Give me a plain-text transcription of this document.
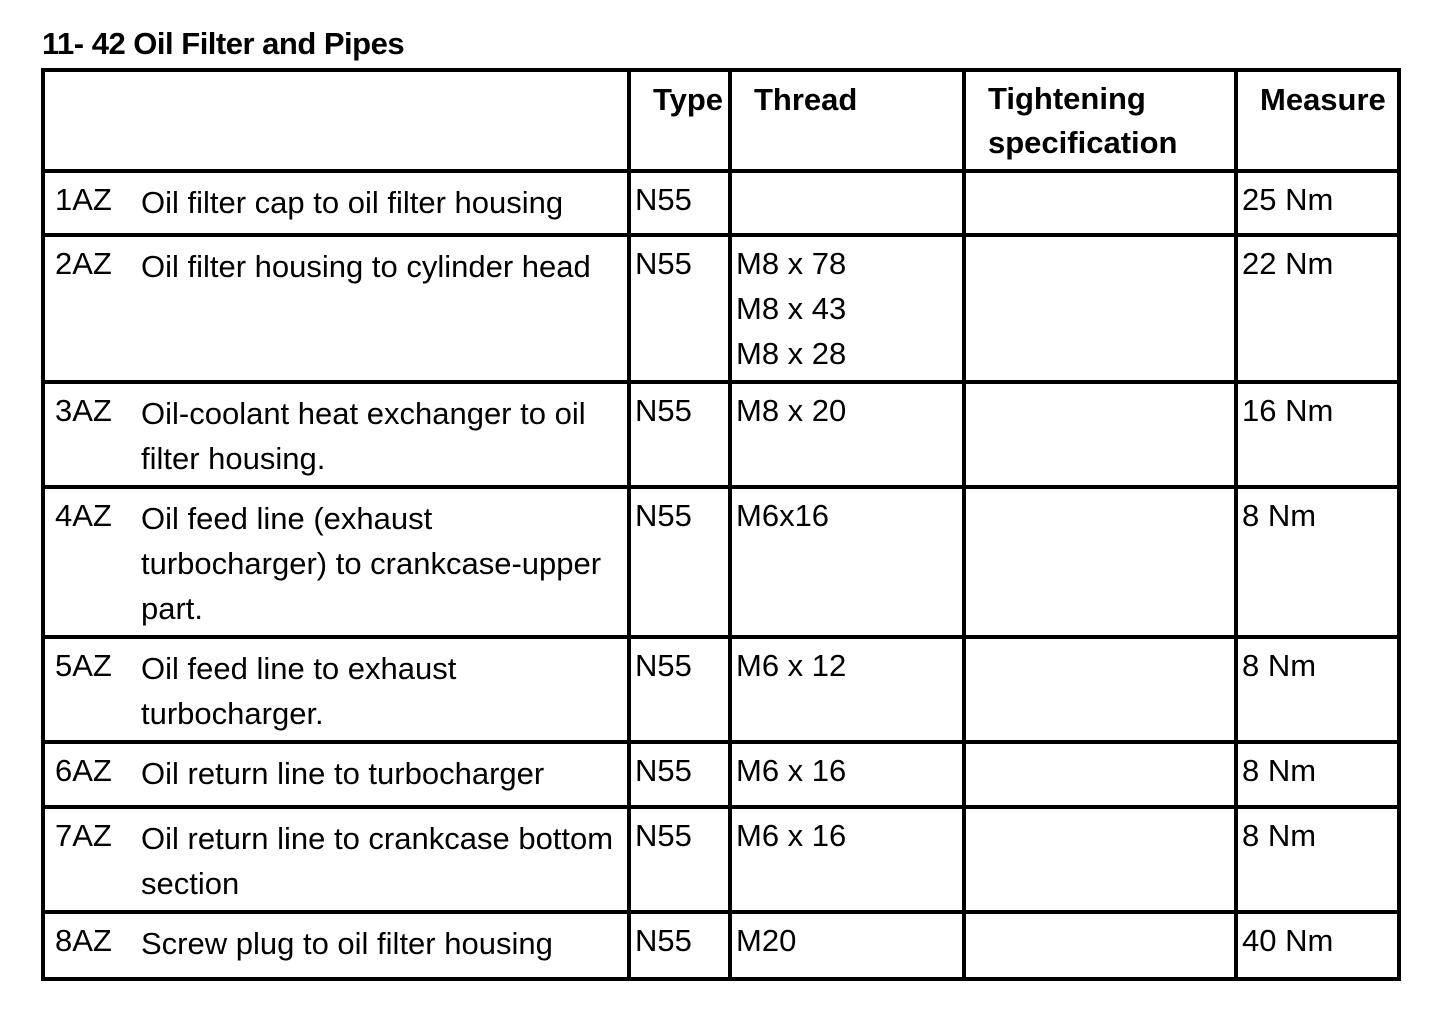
11- 42 Oil Filter and Pipes
	Type	Thread	Tightening specification	Measure

1AZ Oil filter cap to oil filter housing	N55			25 Nm

2AZ Oil filter housing to cylinder head	N55	M8 x 78
M8 x 43
M8 x 28		22 Nm

3AZ Oil-coolant heat exchanger to oil filter housing.	N55	M8 x 20		16 Nm

4AZ Oil feed line (exhaust turbocharger) to crankcase-upper part.	N55	M6x16		8 Nm

5AZ Oil feed line to exhaust turbocharger.	N55	M6 x 12		8 Nm

6AZ Oil return line to turbocharger	N55	M6 x 16		8 Nm

7AZ Oil return line to crankcase bottom section	N55	M6 x 16		8 Nm

8AZ Screw plug to oil filter housing	N55	M20		40 Nm
